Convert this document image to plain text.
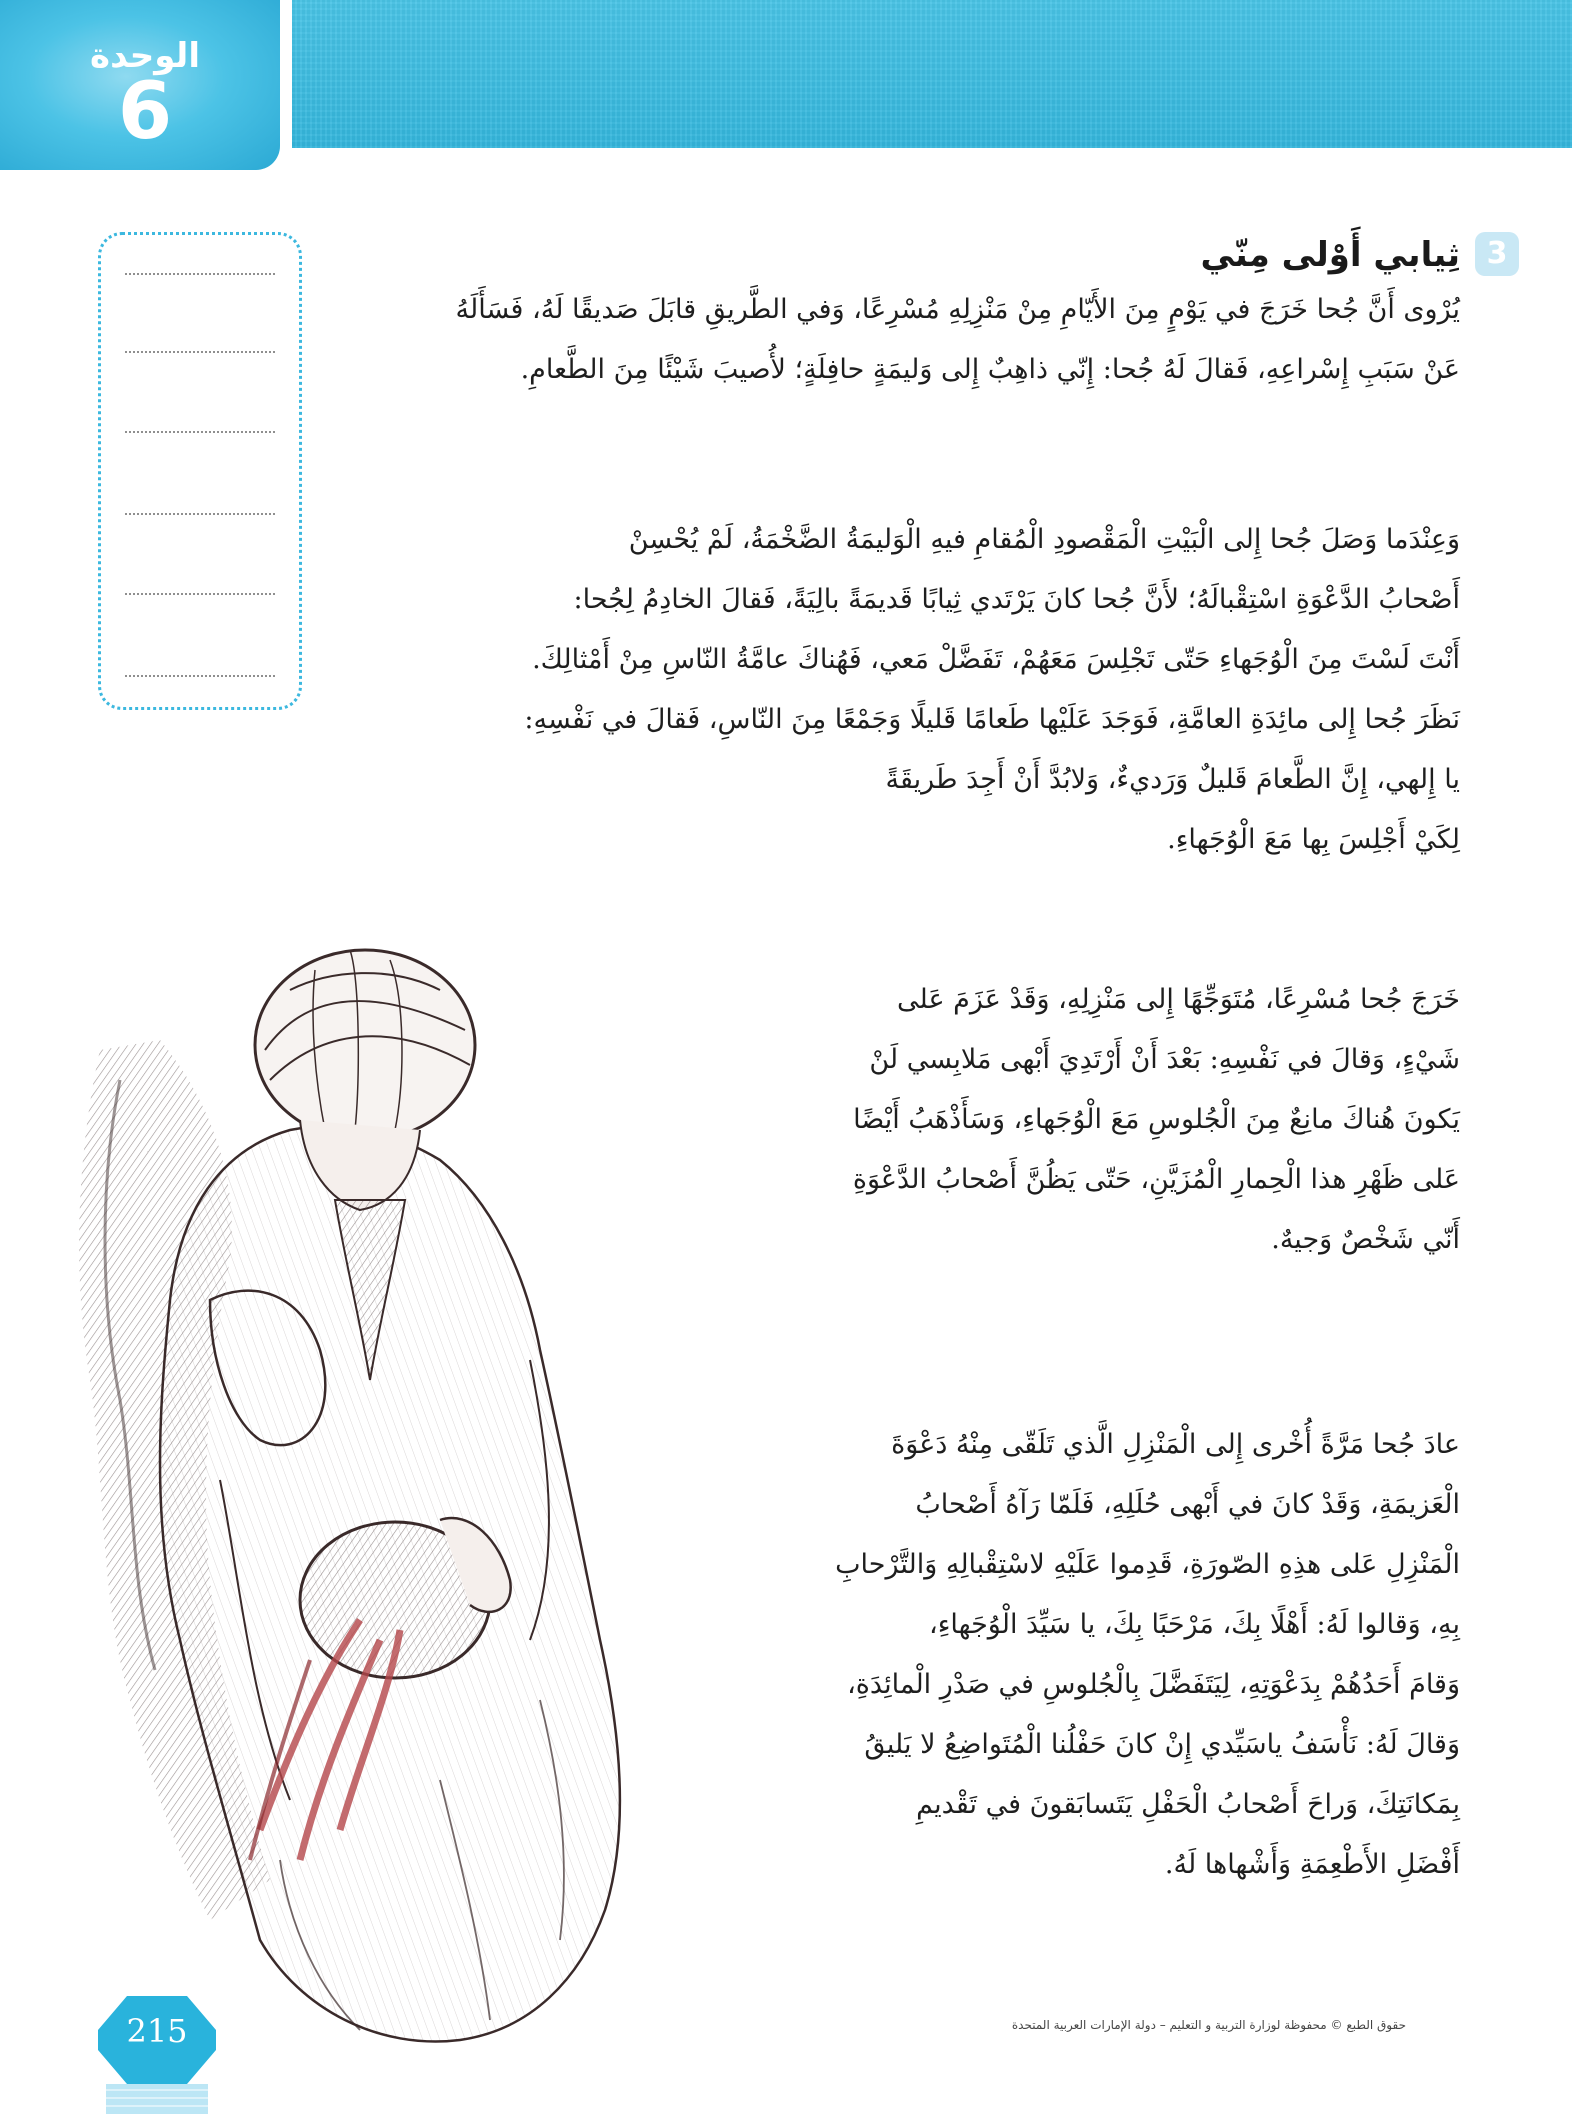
الوحدة
6
3
ثِيابي أَوْلى مِنّي
يُرْوى أَنَّ جُحا خَرَجَ في يَوْمٍ مِنَ الأَيّامِ مِنْ مَنْزِلِهِ مُسْرِعًا، وَفي الطَّريقِ قابَلَ صَديقًا لَهُ، فَسَأَلَهُ
عَنْ سَبَبِ إِسْراعِهِ، فَقالَ لَهُ جُحا: إِنّي ذاهِبٌ إِلى وَليمَةٍ حافِلَةٍ؛ لأُصيبَ شَيْئًا مِنَ الطَّعامِ.
وَعِنْدَما وَصَلَ جُحا إِلى الْبَيْتِ الْمَقْصودِ الْمُقامِ فيهِ الْوَليمَةُ الضَّخْمَةُ، لَمْ يُحْسِنْ
أَصْحابُ الدَّعْوَةِ اسْتِقْبالَهُ؛ لأَنَّ جُحا كانَ يَرْتَدي ثِيابًا قَديمَةً بالِيَةً، فَقالَ الخادِمُ لِجُحا:
أَنْتَ لَسْتَ مِنَ الْوُجَهاءِ حَتّى تَجْلِسَ مَعَهُمْ، تَفَضَّلْ مَعي، فَهُناكَ عامَّةُ النّاسِ مِنْ أَمْثالِكَ.
نَظَرَ جُحا إِلى مائِدَةِ العامَّةِ، فَوَجَدَ عَلَيْها طَعامًا قَليلًا وَجَمْعًا مِنَ النّاسِ، فَقالَ في نَفْسِهِ:
يا إِلهي، إِنَّ الطَّعامَ قَليلٌ وَرَديءٌ، وَلابُدَّ أَنْ أَجِدَ طَريقَةً
لِكَيْ أَجْلِسَ بِها مَعَ الْوُجَهاءِ.
خَرَجَ جُحا مُسْرِعًا، مُتَوَجِّهًا إِلى مَنْزِلِهِ، وَقَدْ عَزَمَ عَلى
شَيْءٍ، وَقالَ في نَفْسِهِ: بَعْدَ أَنْ أَرْتَدِيَ أَبْهى مَلابِسي لَنْ
يَكونَ هُناكَ مانِعٌ مِنَ الْجُلوسِ مَعَ الْوُجَهاءِ، وَسَأَذْهَبُ أَيْضًا
عَلى ظَهْرِ هذا الْحِمارِ الْمُزَيَّنِ، حَتّى يَظُنَّ أَصْحابُ الدَّعْوَةِ
أَنّي شَخْصٌ وَجيهٌ.
عادَ جُحا مَرَّةً أُخْرى إِلى الْمَنْزِلِ الَّذي تَلَقّى مِنْهُ دَعْوَةَ
الْعَزيمَةِ، وَقَدْ كانَ في أَبْهى حُلَلِهِ، فَلَمّا رَآهُ أَصْحابُ
الْمَنْزِلِ عَلى هذِهِ الصّورَةِ، قَدِموا عَلَيْهِ لاسْتِقْبالِهِ وَالتَّرْحابِ
بِهِ، وَقالوا لَهُ: أَهْلًا بِكَ، مَرْحَبًا بِكَ، يا سَيِّدَ الْوُجَهاءِ،
وَقامَ أَحَدُهُمْ بِدَعْوَتِهِ، لِيَتَفَضَّلَ بِالْجُلوسِ في صَدْرِ الْمائِدَةِ،
وَقالَ لَهُ: نَأْسَفُ ياسَيِّدي إِنْ كانَ حَفْلُنا الْمُتَواضِعُ لا يَليقُ
بِمَكانَتِكَ، وَراحَ أَصْحابُ الْحَفْلِ يَتَسابَقونَ في تَقْديمِ
أَفْضَلِ الأَطْعِمَةِ وَأَشْهاها لَهُ.
215	حقوق الطبع © محفوظة لوزارة التربية و التعليم – دولة الإمارات العربية المتحدة
